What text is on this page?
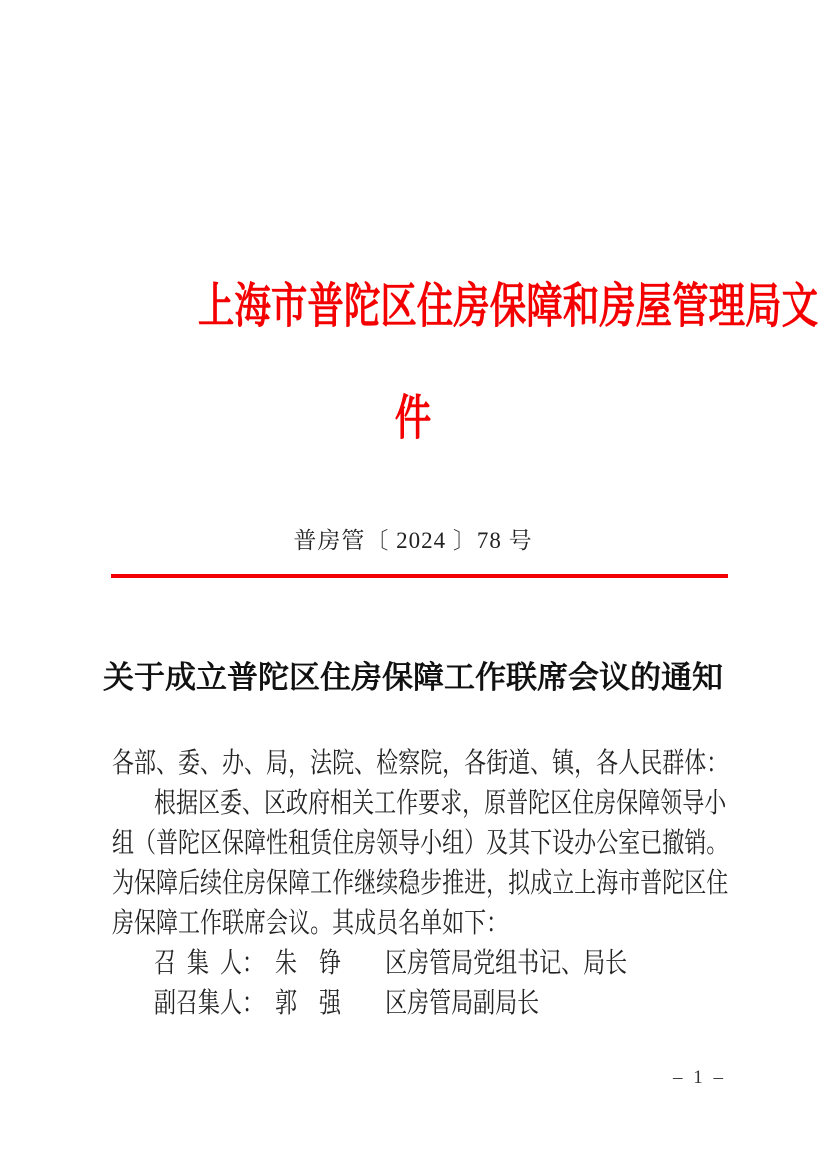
上海市普陀区住房保障和房屋管理局文
件
普房管〔 2024 〕78 号
关于成立普陀区住房保障工作联席会议的通知
各部、委、办、局，法院、检察院，各街道、镇，各人民群体：
根据区委、区政府相关工作要求，原普陀区住房保障领导小
组（普陀区保障性租赁住房领导小组）及其下设办公室已撤销。
为保障后续住房保障工作继续稳步推进，拟成立上海市普陀区住
房保障工作联席会议。其成员名单如下：
召 集 人：　朱　铮　　区房管局党组书记、局长
副召集人：　郭　强　　区房管局副局长
– 1 –
